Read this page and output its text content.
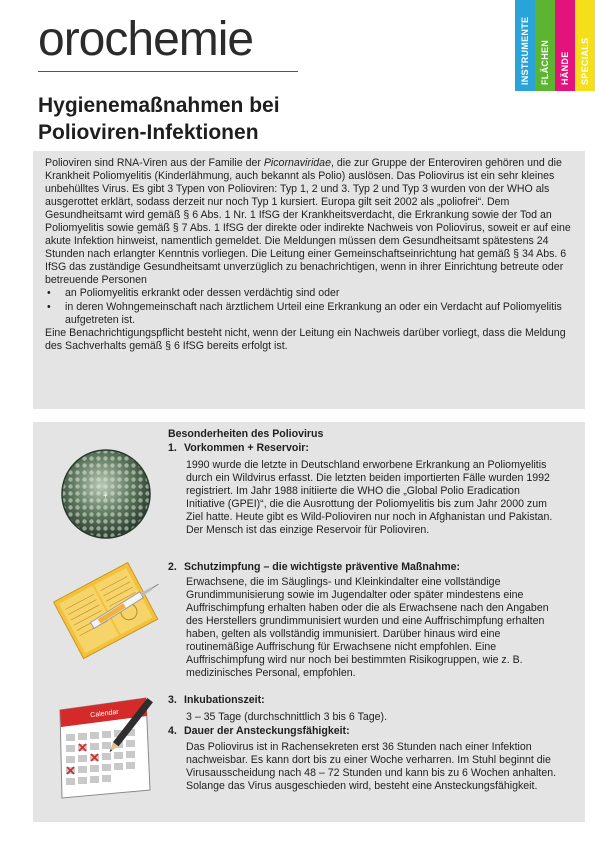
orochemie	INSTRUMENTE FLÄCHEN HÄNDE SPECIALS
Hygienemaßnahmen bei
Polioviren-Infektionen

Polioviren sind RNA-Viren aus der Familie der Picornaviridae, die zur Gruppe der Enteroviren gehören und die Krankheit Poliomyelitis (Kinderlähmung, auch bekannt als Polio) auslösen. Das Poliovirus ist ein sehr kleines unbehülltes Virus. Es gibt 3 Typen von Polioviren: Typ 1, 2 und 3. Typ 2 und Typ 3 wurden von der WHO als ausgerottet erklärt, sodass derzeit nur noch Typ 1 kursiert. Europa gilt seit 2002 als „poliofrei“. Dem Gesundheitsamt wird gemäß § 6 Abs. 1 Nr. 1 IfSG der Krankheitsverdacht, die Erkrankung sowie der Tod an Poliomyelitis sowie gemäß § 7 Abs. 1 IfSG der direkte oder indirekte Nachweis von Poliovirus, soweit er auf eine akute Infektion hinweist, namentlich gemeldet. Die Meldungen müssen dem Gesundheitsamt spätestens 24 Stunden nach erlangter Kenntnis vorliegen. Die Leitung einer Gemeinschaftseinrichtung hat gemäß § 34 Abs. 6 IfSG das zuständige Gesundheitsamt unverzüglich zu benachrichtigen, wenn in ihrer Einrichtung betreute oder betreuende Personen

• an Poliomyelitis erkrankt oder dessen verdächtig sind oder
• in deren Wohngemeinschaft nach ärztlichem Urteil eine Erkrankung an oder ein Verdacht auf Poliomyelitis aufgetreten ist.

Eine Benachrichtigungspflicht besteht nicht, wenn der Leitung ein Nachweis darüber vorliegt, dass die Meldung des Sachverhalts gemäß § 6 IfSG bereits erfolgt ist.

Besonderheiten des Poliovirus
1. Vorkommen + Reservoir:

1990 wurde die letzte in Deutschland erworbene Erkrankung an Poliomyelitis durch ein Wildvirus erfasst. Die letzten beiden importierten Fälle wurden 1992 registriert. Im Jahr 1988 initiierte die WHO die „Global Polio Eradication Initiative (GPEI)“, die die Ausrottung der Poliomyelitis bis zum Jahr 2000 zum Ziel hatte. Heute gibt es Wild-Polioviren nur noch in Afghanistan und Pakistan. Der Mensch ist das einzige Reservoir für Polioviren.

2. Schutzimpfung – die wichtigste präventive Maßnahme:

Erwachsene, die im Säuglings- und Kleinkindalter eine vollständige Grundimmunisierung sowie im Jugendalter oder später mindestens eine Auffrischimpfung erhalten haben oder die als Erwachsene nach den Angaben des Herstellers grundimmunisiert wurden und eine Auffrischimpfung erhalten haben, gelten als vollständig immunisiert. Darüber hinaus wird eine routinemäßige Auffrischung für Erwachsene nicht empfohlen. Eine Auffrischimpfung wird nur noch bei bestimmten Risikogruppen, wie z. B. medizinisches Personal, empfohlen.

3. Inkubationszeit:

3 – 35 Tage (durchschnittlich 3 bis 6 Tage).

4. Dauer der Ansteckungsfähigkeit:

Das Poliovirus ist in Rachensekreten erst 36 Stunden nach einer Infektion nachweisbar. Es kann dort bis zu einer Woche verharren. Im Stuhl beginnt die Virusausscheidung nach 48 – 72 Stunden und kann bis zu 6 Wochen anhalten. Solange das Virus ausgeschieden wird, besteht eine Ansteckungsfähigkeit.

+
Calendar
